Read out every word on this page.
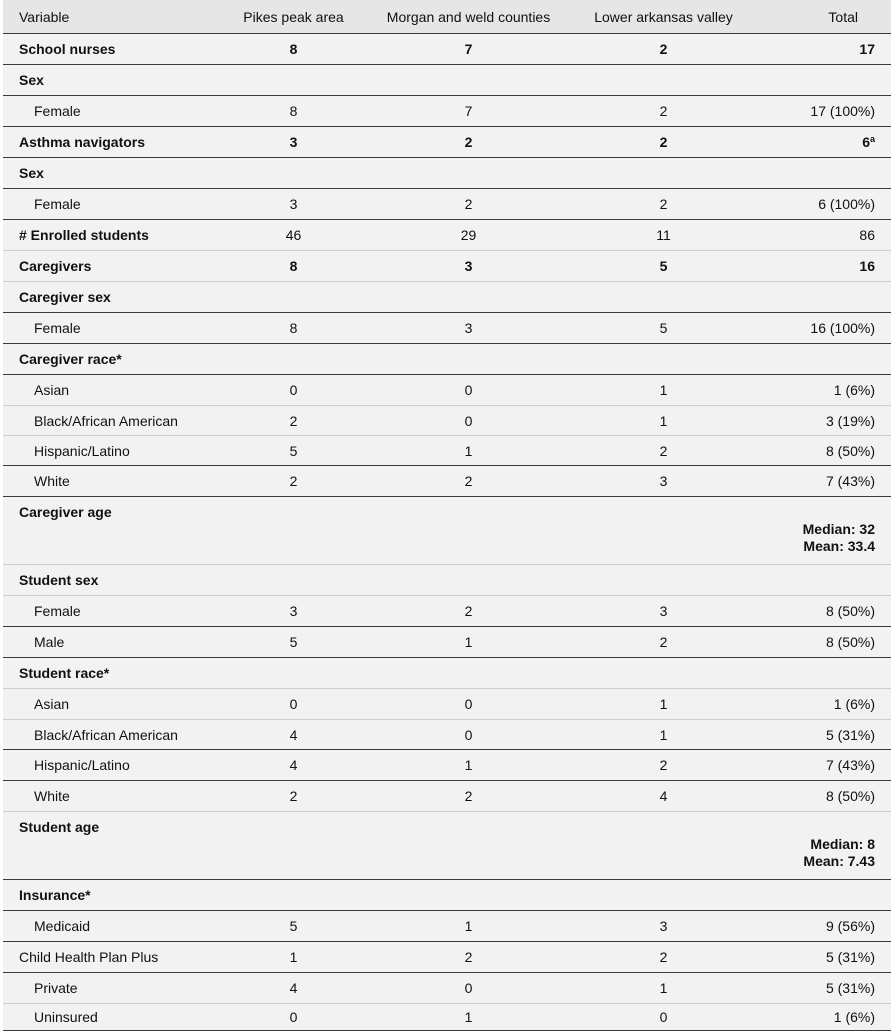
Variable	Pikes peak area	Morgan and weld counties	Lower arkansas valley	Total
School nurses	8	7	2	17
Sex				
Female	8	7	2	17 (100%)
Asthma navigators	3	2	2	6$^a$
Sex				
Female	3	2	2	6 (100%)
# Enrolled students	46	29	11	86
Caregivers	8	3	5	16
Caregiver sex				
Female	8	3	5	16 (100%)
Caregiver race*				
Asian	0	0	1	1 (6%)
Black/African American	2	0	1	3 (19%)
Hispanic/Latino	5	1	2	8 (50%)
White	2	2	3	7 (43%)
Caregiver age				Median: 32
Mean: 33.4

Student sex				
Female	3	2	3	8 (50%)
Male	5	1	2	8 (50%)
Student race*				
Asian	0	0	1	1 (6%)
Black/African American	4	0	1	5 (31%)
Hispanic/Latino	4	1	2	7 (43%)
White	2	2	4	8 (50%)
Student age				Median: 8
Mean: 7.43

Insurance*				
Medicaid	5	1	3	9 (56%)
Child Health Plan Plus	1	2	2	5 (31%)
Private	4	0	1	5 (31%)
Uninsured	0	1	0	1 (6%)
